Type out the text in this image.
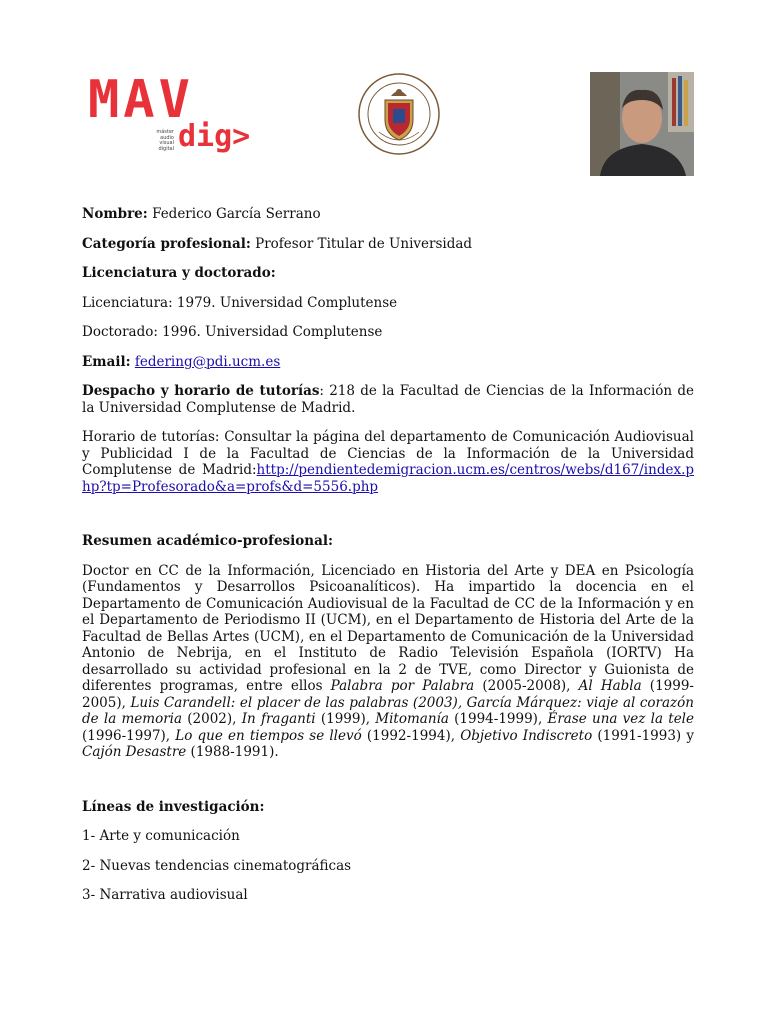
MAV
máster
audio
visual
digital dig>

Nombre: Federico García Serrano

Categoría profesional: Profesor Titular de Universidad

Licenciatura y doctorado:

Licenciatura: 1979. Universidad Complutense

Doctorado: 1996. Universidad Complutense

Email: federing@pdi.ucm.es

Despacho y horario de tutorías: 218 de la Facultad de Ciencias de la Información de la Universidad Complutense de Madrid.

Horario de tutorías: Consultar la página del departamento de Comunicación Audiovisual y Publicidad I de la Facultad de Ciencias de la Información de la Universidad Complutense de Madrid:http://pendientedemigracion.ucm.es/centros/webs/d167/index.php?tp=Profesorado&a=profs&d=5556.php

Resumen académico-profesional:

Doctor en CC de la Información, Licenciado en Historia del Arte y DEA en Psicología (Fundamentos y Desarrollos Psicoanalíticos). Ha impartido la docencia en el Departamento de Comunicación Audiovisual de la Facultad de CC de la Información y en el Departamento de Periodismo II (UCM), en el Departamento de Historia del Arte de la Facultad de Bellas Artes (UCM), en el Departamento de Comunicación de la Universidad Antonio de Nebrija, en el Instituto de Radio Televisión Española (IORTV) Ha desarrollado su actividad profesional en la 2 de TVE, como Director y Guionista de diferentes programas, entre ellos Palabra por Palabra (2005-2008), Al Habla (1999-2005), Luis Carandell: el placer de las palabras (2003), García Márquez: viaje al corazón de la memoria (2002), In fraganti (1999), Mitomanía (1994-1999), Érase una vez la tele (1996-1997), Lo que en tiempos se llevó (1992-1994), Objetivo Indiscreto (1991-1993) y Cajón Desastre (1988-1991).

Líneas de investigación:

1- Arte y comunicación

2- Nuevas tendencias cinematográficas

3- Narrativa audiovisual
